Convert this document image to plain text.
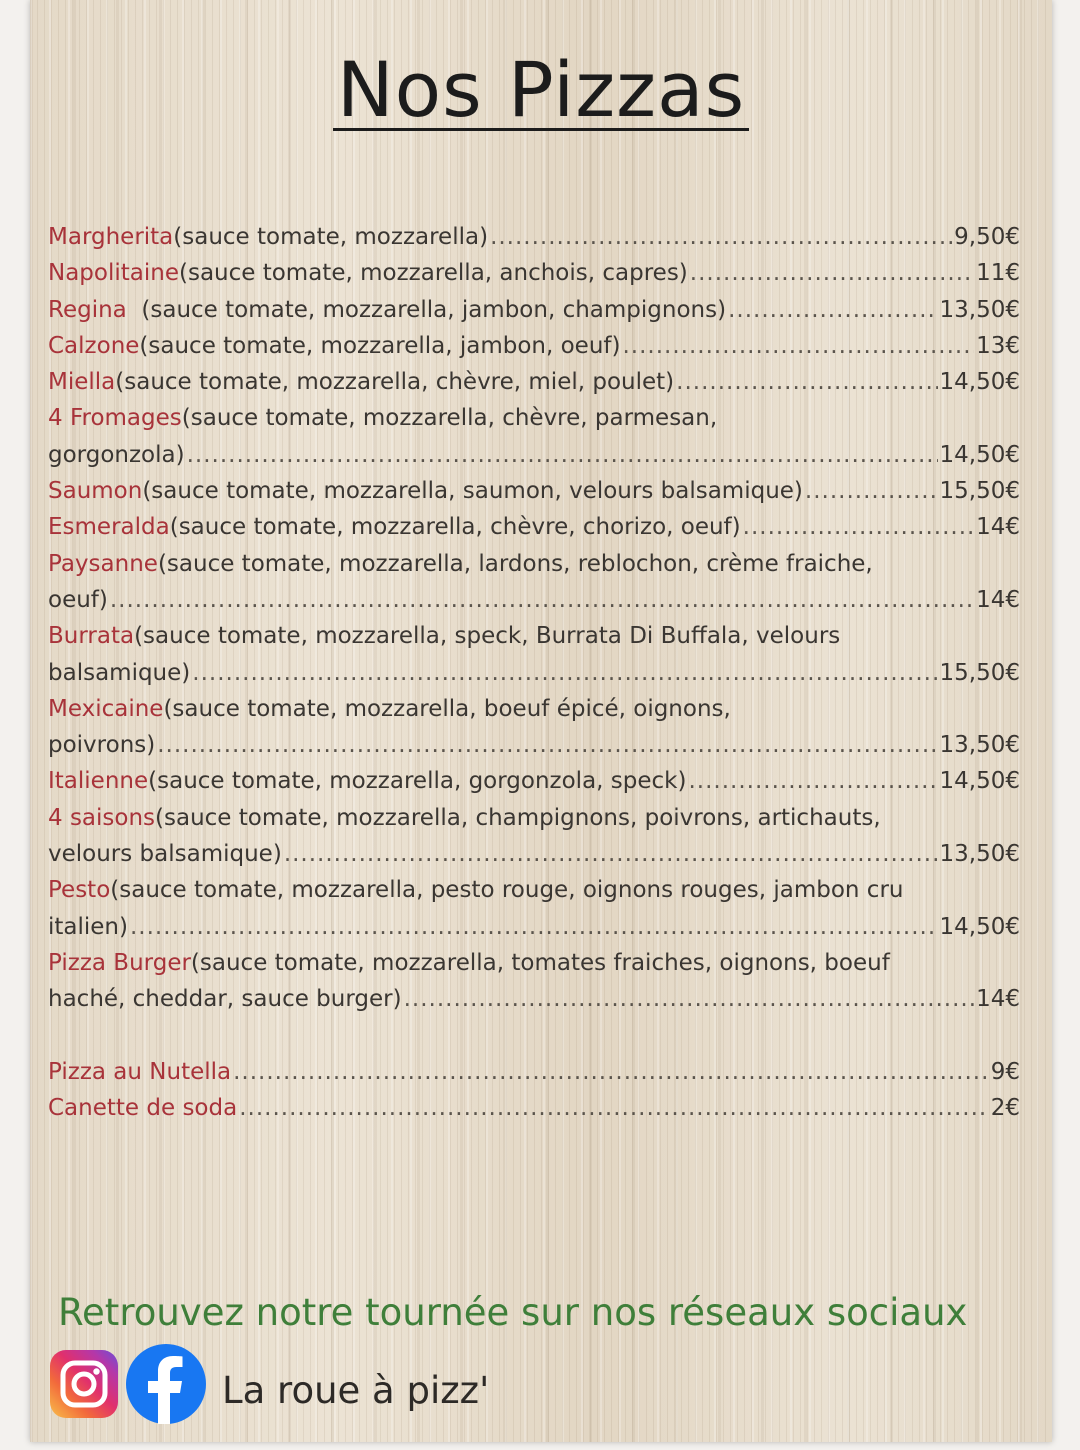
Nos Pizzas
Margherita (sauce tomate, mozzarella) .....	9,50€
Napolitaine (sauce tomate, mozzarella, anchois, capres) .....	11€
Regina (sauce tomate, mozzarella, jambon, champignons) .....	13,50€
Calzone (sauce tomate, mozzarella, jambon, oeuf) .....	13€
Miella (sauce tomate, mozzarella, chèvre, miel, poulet) .....	14,50€
4 Fromages (sauce tomate, mozzarella, chèvre, parmesan,
gorgonzola) .....	14,50€
Saumon (sauce tomate, mozzarella, saumon, velours balsamique) .....	15,50€
Esmeralda (sauce tomate, mozzarella, chèvre, chorizo, oeuf) .....	14€
Paysanne (sauce tomate, mozzarella, lardons, reblochon, crème fraiche,
oeuf) .....	14€
Burrata (sauce tomate, mozzarella, speck, Burrata Di Buffala, velours
balsamique) .....	15,50€
Mexicaine (sauce tomate, mozzarella, boeuf épicé, oignons,
poivrons) .....	13,50€
Italienne (sauce tomate, mozzarella, gorgonzola, speck) .....	14,50€
4 saisons (sauce tomate, mozzarella, champignons, poivrons, artichauts,
velours balsamique) .....	13,50€
Pesto (sauce tomate, mozzarella, pesto rouge, oignons rouges, jambon cru
italien) .....	14,50€
Pizza Burger (sauce tomate, mozzarella, tomates fraiches, oignons, boeuf
haché, cheddar, sauce burger) .....	14€
Pizza au Nutella .....	9€
Canette de soda .....	2€
Retrouvez notre tournée sur nos réseaux sociaux
La roue à pizz'
